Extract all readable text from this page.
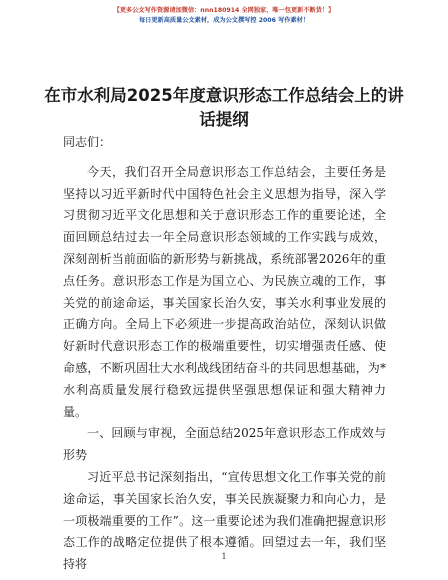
【更多公文写作资源请加微信：nnn180914 全网独家，唯一包更新不断货！】
每日更新高质量公文素材，成为公文撰写控 2006 写作素材！
在市水利局2025年度意识形态工作总结会上的讲话提纲

同志们：

今天，我们召开全局意识形态工作总结会，主要任务是坚持以习近平新时代中国特色社会主义思想为指导，深入学习贯彻习近平文化思想和关于意识形态工作的重要论述，全面回顾总结过去一年全局意识形态领域的工作实践与成效，深刻剖析当前面临的新形势与新挑战，系统部署2026年的重点任务。意识形态工作是为国立心、为民族立魂的工作，事关党的前途命运，事关国家长治久安，事关水利事业发展的正确方向。全局上下必须进一步提高政治站位，深刻认识做好新时代意识形态工作的极端重要性，切实增强责任感、使命感，不断巩固壮大水利战线团结奋斗的共同思想基础，为*水利高质量发展行稳致远提供坚强思想保证和强大精神力量。

一、回顾与审视，全面总结2025年意识形态工作成效与形势

习近平总书记深刻指出，“宣传思想文化工作事关党的前途命运，事关国家长治久安，事关民族凝聚力和向心力，是一项极端重要的工作”。这一重要论述为我们准确把握意识形态工作的战略定位提供了根本遵循。回望过去一年，我们坚持将

1
